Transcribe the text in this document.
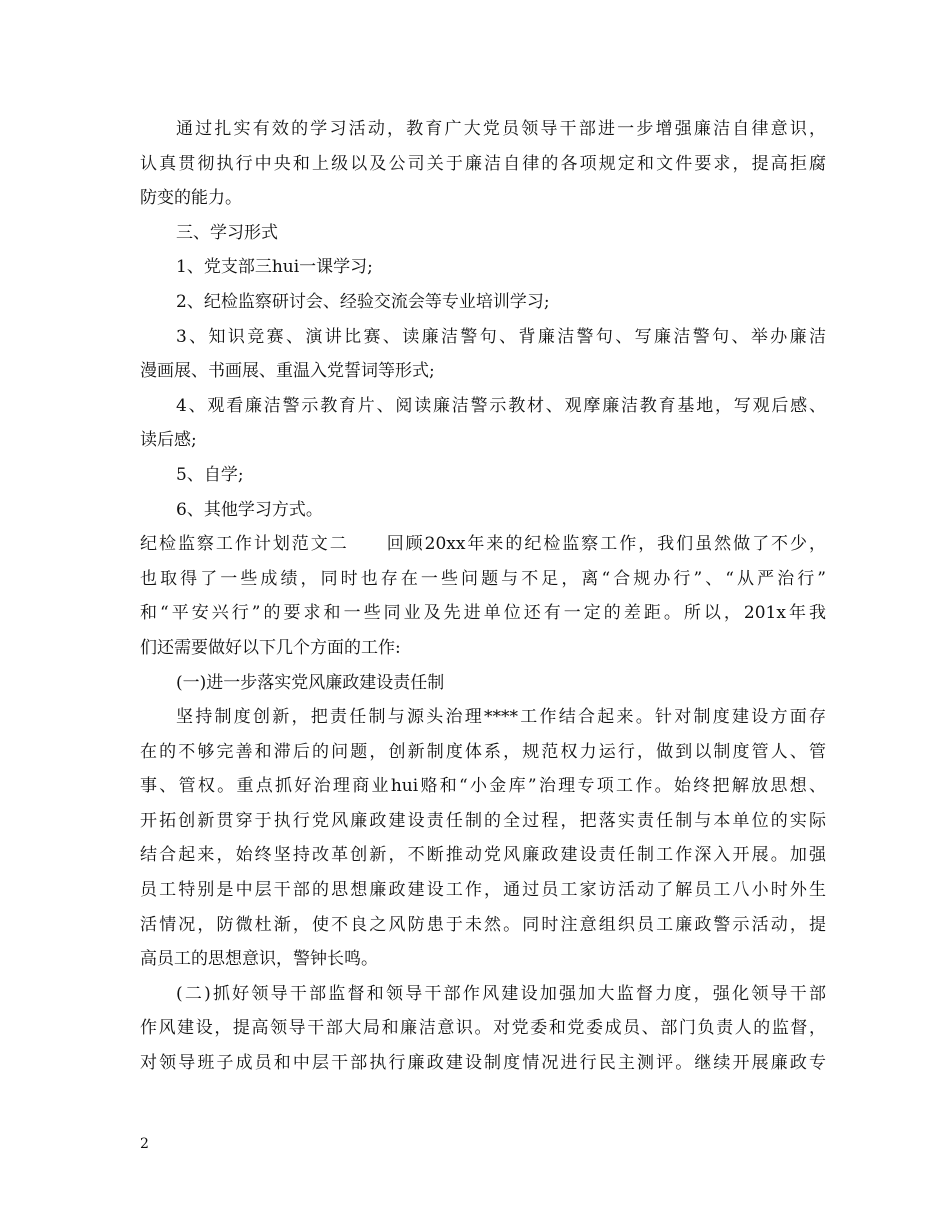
通过扎实有效的学习活动，教育广大党员领导干部进一步增强廉洁自律意识，
认真贯彻执行中央和上级以及公司关于廉洁自律的各项规定和文件要求，提高拒腐
防变的能力。
三、学习形式
1、党支部三hui一课学习;
2、纪检监察研讨会、经验交流会等专业培训学习;
3、知识竞赛、演讲比赛、读廉洁警句、背廉洁警句、写廉洁警句、举办廉洁
漫画展、书画展、重温入党誓词等形式;
4、观看廉洁警示教育片、阅读廉洁警示教材、观摩廉洁教育基地，写观后感、
读后感;
5、自学;
6、其他学习方式。
纪检监察工作计划范文二　　回顾20xx年来的纪检监察工作，我们虽然做了不少，
也取得了一些成绩，同时也存在一些问题与不足，离“合规办行”、“从严治行”
和“平安兴行”的要求和一些同业及先进单位还有一定的差距。所以，201x年我
们还需要做好以下几个方面的工作:
(一)进一步落实党风廉政建设责任制
坚持制度创新，把责任制与源头治理****工作结合起来。针对制度建设方面存
在的不够完善和滞后的问题，创新制度体系，规范权力运行，做到以制度管人、管
事、管权。重点抓好治理商业hui赂和“小金库”治理专项工作。始终把解放思想、
开拓创新贯穿于执行党风廉政建设责任制的全过程，把落实责任制与本单位的实际
结合起来，始终坚持改革创新，不断推动党风廉政建设责任制工作深入开展。加强
员工特别是中层干部的思想廉政建设工作，通过员工家访活动了解员工八小时外生
活情况，防微杜渐，使不良之风防患于未然。同时注意组织员工廉政警示活动，提
高员工的思想意识，警钟长鸣。
(二)抓好领导干部监督和领导干部作风建设加强加大监督力度，强化领导干部
作风建设，提高领导干部大局和廉洁意识。对党委和党委成员、部门负责人的监督，
对领导班子成员和中层干部执行廉政建设制度情况进行民主测评。继续开展廉政专
2
